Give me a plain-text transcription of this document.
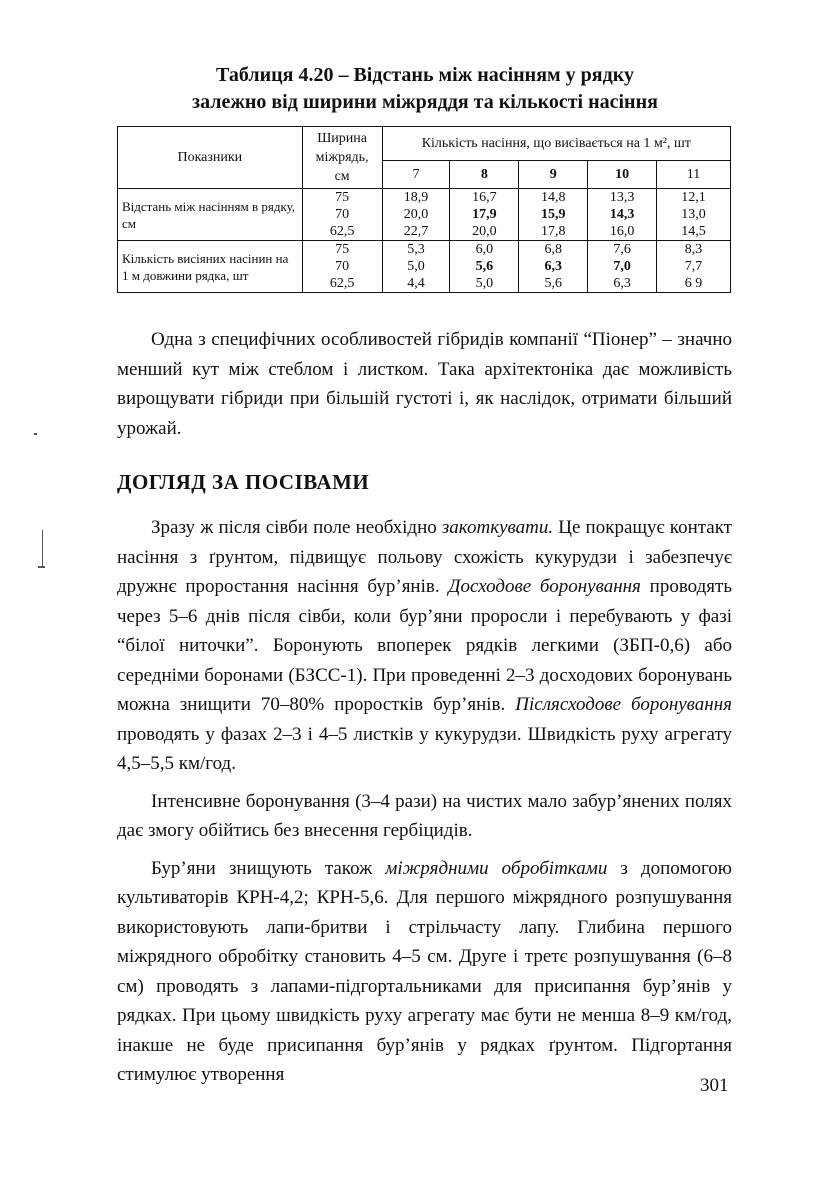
Таблиця 4.20 – Відстань між насінням у рядку
залежно від ширини міжряддя та кількості насіння
Показники	Ширина міжрядь, см	Кількість насіння, що висівається на 1 м², шт				
		7	8	9	10	11
Відстань між насінням в рядку, см	75	18,9	16,7	14,8	13,3	12,1
	70	20,0	17,9	15,9	14,3	13,0
	62,5	22,7	20,0	17,8	16,0	14,5
Кількість висіяних насінин на 1 м довжини рядка, шт	75	5,3	6,0	6,8	7,6	8,3
	70	5,0	5,6	6,3	7,0	7,7
	62,5	4,4	5,0	5,6	6,3	6 9

Одна з специфічних особливостей гібридів компанії “Піонер” – значно менший кут між стеблом і листком. Така архітектоніка дає можливість вирощувати гібриди при більшій густоті і, як наслідок, отримати більший урожай.

ДОГЛЯД ЗА ПОСІВАМИ

Зразу ж після сівби поле необхідно закоткувати. Це покращує контакт насіння з ґрунтом, підвищує польову схожість кукурудзи і забезпечує дружнє проростання насіння бур’янів. Досходове боронування проводять через 5–6 днів після сівби, коли бур’яни проросли і перебувають у фазі “білої ниточки”. Боронують впоперек рядків легкими (ЗБП-0,6) або середніми боронами (БЗСС-1). При проведенні 2–3 досходових боронувань можна знищити 70–80% проростків бур’янів. Післясходове боронування проводять у фазах 2–3 і 4–5 листків у кукурудзи. Швидкість руху агрегату 4,5–5,5 км/год.

Інтенсивне боронування (3–4 рази) на чистих мало забур’янених полях дає змогу обійтись без внесення гербіцидів.

Бур’яни знищують також міжрядними обробітками з допомогою культиваторів КРН-4,2; КРН-5,6. Для першого міжрядного розпушування використовують лапи-бритви і стрільчасту лапу. Глибина першого міжрядного обробітку становить 4–5 см. Друге і третє розпушування (6–8 см) проводять з лапами-підгортальниками для присипання бур’янів у рядках. При цьому швидкість руху агрегату має бути не менша 8–9 км/год, інакше не буде присипання бур’янів у рядках ґрунтом. Підгортання стимулює утворення

301
